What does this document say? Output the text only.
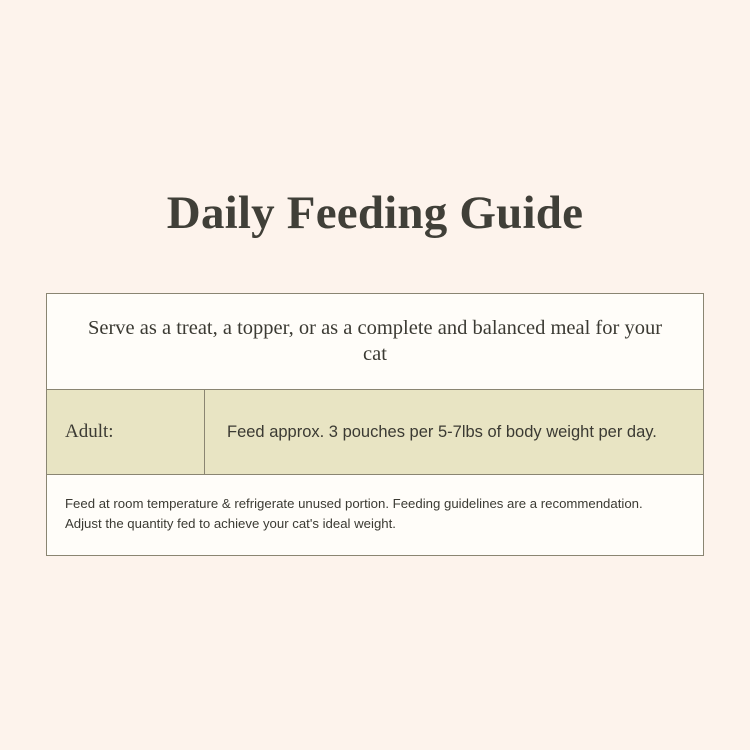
Daily Feeding Guide
Serve as a treat, a topper, or as a complete and balanced meal for your cat
Adult:	Feed approx. 3 pouches per 5-7lbs of body weight per day.
Feed at room temperature & refrigerate unused portion. Feeding guidelines are a recommendation. Adjust the quantity fed to achieve your cat's ideal weight.
